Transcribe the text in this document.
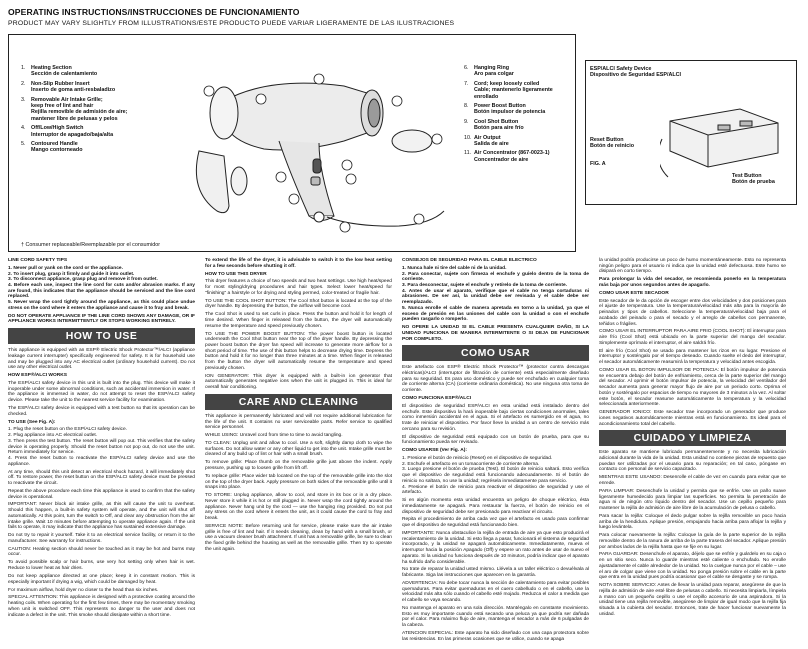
OPERATING INSTRUCTIONS/INSTRUCCIONES DE FUNCIONAMIENTO
PRODUCT MAY VARY SLIGHTLY FROM ILLUSTRATIONS/ESTE PRODUCTO PUEDE VARIAR LIGERAMENTE DE LAS ILUSTRACIONES
1.	Heating Section
Sección de calentamiento
2.	Non-Slip Rubber Insert
Inserto de goma anti-resbaladizo
3.	Removable Air Intake Grille;
keep free of lint and hair
Rejilla removible de admisión de aire;
mantener libre de pelusas y pelos
4.	Off/Low/High Switch
Interruptor de apagado/baja/alta
5.	Contoured Handle
Mango contorneado
6.	Hanging Ring
Aro para colgar
7.	Cord; keep loosely coiled
Cable; mantenerlo ligeramente enrollado
8.	Power Boost Button
Botón impulsor de potencia
9.	Cool Shot Button
Botón para aire frío
10. Air Output
Salida de aire
11. Air Concentrator (867-0023-1)
Concentrador de aire
† Consumer replaceable/Reemplazable por el consumidor
ESP/ALCI Safety Device
Dispositivo de Seguridad ESP/ALCI
Reset Button
Botón de reinicio
Test Button
Botón de prueba
FIG. A

LINE CORD SAFETY TIPS

1. Never pull or yank on the cord or the appliance.
2. To insert plug, grasp it firmly and guide it into outlet.
3. To disconnect appliance, grasp plug and remove it from outlet.
4. Before each use, inspect the line cord for cuts and/or abrasion marks. If any are found, this indicates that the appliance should be serviced and the line cord replaced.
5. Never wrap the cord tightly around the appliance, as this could place undue stress on the cord where it enters the appliance and cause it to fray and break.

DO NOT OPERATE APPLIANCE IF THE LINE CORD SHOWS ANY DAMAGE, OR IF APPLIANCE WORKS INTERMITTENTLY OR STOPS WORKING ENTIRELY.

HOW TO USE

This appliance is equipped with an ESP® Electric Shock Protector™/ALCI (appliance leakage current interrupter) specifically engineered for safety. It is for household use and may be plugged into any AC electrical outlet (ordinary household current). Do not use any other electrical outlet.

HOW ESP®/ALCI WORKS

The ESP/ALCI safety device in this unit is built into the plug. This device will make it inoperable under some abnormal conditions, such as accidental immersion in water. If the appliance is immersed in water, do not attempt to reset the ESP/ALCI safety device. Please take the unit to the nearest service facility for examination.

The ESP/ALCI safety device is equipped with a test button so that its operation can be checked.

TO USE (See Fig. A):

1. Plug the reset button on the ESP/ALCI safety device.
2. Plug appliance into AC electrical outlet.
3. Then press the test button. The reset button will pop out. This verifies that the safety device is operating properly. Should the reset button not pop out, do not use the unit. Return immediately for service.
4. Press the reset button to reactivate the ESP/ALCI safety device and use the appliance.

At any time, should this unit detect an electrical shock hazard, it will immediately shut off. To restore power, the reset button on the ESP/ALCI safety device must be pressed to reactivate the circuit.

Repeat the above procedure each time this appliance is used to confirm that the safety device is operational.

IMPORTANT: Never block air intake grille, as this will cause the unit to overheat. Should this happen, a built-in safety system will operate, and the unit will shut off automatically. At this point, turn the switch to Off, and clear any obstruction from the air intake grille. Wait 10 minutes before attempting to operate appliance again. If the unit fails to operate, it may indicate that the appliance has sustained extensive damage.

Do not try to repair it yourself. Take it to an electrical service facility, or return it to the manufacturer. See warranty for instructions.

CAUTION: Heating section should never be touched as it may be hot and burns may occur.

To avoid possible scalp or hair burns, use very hot setting only when hair is wet. Reduce to lower heat as hair dries.

Do not keep appliance directed at one place; keep it in constant motion. This is especially important if drying a wig, which could be damaged by heat.

For maximum airflow, hold dryer no closer to the head than six inches.

SPECIAL ATTENTION: This appliance is designed with a protective coating around the heating coils. When operating for the first few times, there may be momentary smoking when unit is switched OFF. This represents no danger to the user and does not indicate a defect in the unit. This smoke should dissipate within a short time.

To extend the life of the dryer, it is advisable to switch it to the low heat setting for a few seconds before shutting it off.

HOW TO USE THIS DRYER

This dryer features a choice of two speeds and two heat settings. Use high heat/speed for most styling/drying procedures and hair types. Select lower heat/speed for "finishing" a hairstyle or for drying and styling permed, color-treated or fragile hair.

TO USE THE COOL SHOT BUTTON: The Cool Shot button is located at the top of the dryer handle. By depressing the button, the airflow will become cool.

The Cool Shot is used to set curls in place. Press the button and hold it for length of time desired. When finger is released from the button, the dryer will automatically resume the temperature and speed previously chosen.

TO USE THE POWER BOOST BUTTON: The power boost button is located underneath the Cool Shot button near the top of the dryer handle. By depressing the power boost button the dryer fan speed will increase to generate more airflow for a short period of time. The use of this button helps to decrease drying time. Depress the button and hold it for no longer than three minutes at a time. When finger is released from the button the dryer will automatically resume the temperature and speed previously chosen.

ION GENERATOR: This dryer is equipped with a built-in ion generator that automatically generates negative ions when the unit is plugged in. This is ideal for overall hair conditioning.

CARE AND CLEANING

This appliance is permanently lubricated and will not require additional lubrication for the life of the unit. It contains no user serviceable parts. Refer service to qualified service personnel.

WHILE USING: Unravel cord from time to time to avoid tangling.

TO CLEAN: Unplug unit and allow to cool. Use a soft, slightly damp cloth to wipe the surfaces. Do not allow water or any other liquid to get into the unit. Intake grille must be cleared of any build up of lint or hair with a small brush.

To remove grille: Place thumb on the removable grille just above the indent. Apply pressure, pushing up to loosen grille from lift off.

To replace grille: Place wider tab located on the top of the removable grille into the slot on the top of the dryer back. Apply pressure on both sides of the removable grille until it snaps into place.

TO STORE: Unplug appliance, allow to cool, and store in its box or in a dry place. Never store it while it is hot or still plugged in. Never wrap the cord tightly around the appliance. Never hang unit by the cord — use the hanging ring provided. Do not put any stress on the cord where it enters the unit, as it could cause the cord to fray and break.

SERVICE NOTE: Before returning unit for service, please make sure the air intake grille is free of lint and hair. If it needs cleaning, clean by hand with a small brush, or use a vacuum cleaner brush attachment. If unit has a removable grille, be sure to clean the fixed grille behind the housing as well as the removable grille. Then try to operate the unit again.

CONSEJOS DE SEGURIDAD PARA EL CABLE ELECTRICO

1. Nunca hale ni tire del cable ni de la unidad.
2. Para conectar, sujete con firmeza el enchufe y guíelo dentro de la toma de corriente.
3. Para desconectar, sujete el enchufe y retírelo de la toma de corriente.
4. Antes de usar el aparato, verifique que el cable no tenga cortaduras ni abrasiones. De ser así, la unidad debe ser revisada y el cable debe ser reemplazado.
5. Nunca enrolle el cable de manera apretada en torno a la unidad, ya que el exceso de presión en las uniones del cable con la unidad o con el enchufe pueden rasgarlo o romperlo.

NO OPERE LA UNIDAD SI EL CABLE PRESENTA CUALQUIER DAÑO, SI LA UNIDAD FUNCIONA DE MANERA INTERMITENTE O SI DEJA DE FUNCIONAR POR COMPLETO.

COMO USAR

Este artefacto con ESP® Electric Shock Protector™ (protector contra descargas eléctricas)/ALCI (interruptor de filtración de corriente) está especialmente diseñado para su seguridad. Es para uso doméstico y puede ser enchufado en cualquier toma de corriente alterna (CA) (corriente ordinaria doméstica). No use ninguna otra toma de corriente.

COMO FUNCIONA ESP®/ALCI

El dispositivo de seguridad ESP/ALCI en esta unidad está instalado dentro del enchufe. Este dispositivo la hará inoperable bajo ciertas condiciones anormales, tales como inmersión accidental en el agua. Si el artefacto es sumergido en el agua, no trate de reiniciar el dispositivo. Por favor lleve la unidad a un centro de servicio más cercano para su revisión.

El dispositivo de seguridad está equipado con un botón de prueba, para que su funcionamiento pueda ser revisado.

COMO USARSE (Ver Fig. A):

1. Presione el botón de reinicio (Reset) en el dispositivo de seguridad.
2. Enchufe el artefacto en un tomacorriente de corriente alterna.
3. Luego presione el botón de prueba (Test). El botón de reinicio saltará. Esto verifica que el dispositivo de seguridad está funcionando adecuadamente. Si el botón de reinicio no saltara, no use la unidad; regrésela inmediatamente para servicio.
4. Presione el botón de reinicio para reactivar el dispositivo de seguridad y use el artefacto.

Si en algún momento esta unidad encuentra un peligro de choque eléctrico, ésta inmediatamente se apagará. Para restaurar la fuerza, el botón de reinicio en el dispositivo de seguridad debe ser presionado para reactivar el circuito.

Repita el procedimiento de arriba cada vez que el artefacto es usado para confirmar que el dispositivo de seguridad está funcionando bien.

IMPORTANTE: Nunca obstaculice la rejilla de entrada de aire ya que esto producirá el recalentamiento de la unidad. Si esto llega a pasar, funcionará el sistema de seguridad incorporado, y la unidad se apagará automáticamente. Inmediatamente, mueva el interruptor hacia la posición Apagado (Off) y espere un rato antes de usar de nuevo el aparato. Si la unidad no funciona después de 10 minutos, podría indicar que el aparato ha sufrido daño considerable.

No trate de reparar la unidad usted mismo. Llévela a un taller eléctrico o devuélvala al fabricante. Siga las instrucciones que aparecen en la garantía.

ADVERTENCIA: No debe tocar nunca la sección de calentamiento para evitar posibles quemaduras. Para evitar quemaduras en el cuero cabelludo o en el cabello, use la velocidad más alta sólo cuando el cabello esté mojado. Reduzca el calor a medida que el cabello se vaya secando.

No mantenga el aparato en una sola dirección. Manténgalo en constante movimiento. Esto es muy importante cuando está secando una peluca ya que podría ser dañada por el calor. Para máximo flujo de aire, mantenga el secador a más de 6 pulgadas de la cabeza.

ATENCION ESPECIAL: Este aparato ha sido diseñado con una capa protectora sobre las resistencias. En las primeras ocasiones que se utilice, cuando se apaga

la unidad podría producirse un poco de humo momentáneamente. Esto no representa ningún peligro para el usuario ni indica que la unidad esté defectuosa. Este humo se disipará en corto tiempo.

Para prolongar la vida del secador, se recomienda ponerlo en la temperatura más baja por unos segundos antes de apagarlo.

COMO USAR ESTE SECADOR

Este secador de le da opción de escoger entre dos velocidades y dos posiciones para el ajuste de temperatura. Use la temperatura/velocidad más alta para la mayoría de peinados y tipos de cabellos. Seleccione la temperatura/velocidad baja para el acabado del peinado o para el secado y el arreglo de cabellos con permanente, teñidos o frágiles.

COMO USAR EL INTERRUPTOR PARA AIRE FRIO (COOL SHOT): El interruptor para aire frío (Cool Shot) está ubicado en la parte superior del mango del secador. Simplemente oprímalo el interruptor, el aire saldrá frío.

El aire frío (Cool Shot) se usado para mantener los rizos en su lugar. Presione el interruptor y sosténgalo por el tiempo deseado. Cuando suelte el dedo del interruptor, el secador automáticamente reasumirá la temperatura y velocidad antes escogida.

COMO USAR EL BOTON IMPULSOR DE POTENCIA: El botón impulsor de potencia se encuentra debajo del botón de enfriamiento, cerca de la parte superior del mango del secador. Al oprimir el botón impulsor de potencia, la velocidad del ventilador del secador aumenta para generar mayor flujo de aire por un periodo corto. Oprima el botón y sosténgalo por espacios de tiempo no mayores de 3 minutos a la vez. Al soltar este botón, el secador reasume automáticamente la temperatura y la velocidad seleccionada anteriormente.

GENERADOR IONICO: Este secador trae incorporado un generador que produce iones negativos automáticamente mientras está en funcionamiento. Es ideal para el acondicionamiento total del cabello.

CUIDADO Y LIMPIEZA

Este aparato se mantiene lubricado permanentemente y no necesita lubricación adicional durante la vida de la unidad. Esta unidad no contiene piezas de repuesto que puedan ser utilizadas por el usuario para su reparación; en tal caso, póngase en contacto con personal de servicio capacitado.

MIENTRAS ESTE USANDO: Desenrolle el cable de vez en cuando para evitar que se enrede.

PARA LIMPIAR: Desenchufe la unidad y permita que se enfríe. Use un paño suave ligeramente humedecido para limpiar las superficies. No permita la penetración de agua ni de ningún otro líquido dentro del secador. Use un cepillo pequeño para mantener la rejilla de admisión de aire libre de la acumulación de pelusa o cabello.

Para sacar la rejilla: Coloque el dedo pulgar sobre la rejilla removible un poco hacia arriba de la hendidura. Aplique presión, empujando hacia arriba para aflojar la rejilla y luego levántela.

Para colocar nuevamente la rejilla: Coloque la guía de la parte superior de la rejilla removible dentro de la ranura de arriba de la parte trasera del secador. Aplique presión por ambos lados de la rejilla hasta que se fije en su lugar.

PARA GUARDAR: Desenchufe el aparato, déjelo que se enfríe y guárdelo en su caja o en un sitio seco. Nunca lo guarde mientras esté caliente o enchufado. No enrolle ajustadamente el cable alrededor de la unidad. No la cuelgue nunca por el cable – use el aro de colgar que viene con la unidad. No ponga presión sobre el cable en la parte que entra en la unidad pues podría ocasionar que el cable se desgaste y se rompa.

NOTA SOBRE SERVICIO: Antes de llevar la unidad para reparar, asegúrese de que la rejilla de admisión de aire esté libre de pelusas o cabello. Si necesita limpiarla, límpiela a mano con un pequeño cepillo o use el cepillo accesorio de una aspiradora. Si la unidad tiene una rejilla removible, asegúrese de limpiar de igual modo que la rejilla fija situada a la cubierta del secador. Entonces, trate de hacer funcionar nuevamente la unidad.
